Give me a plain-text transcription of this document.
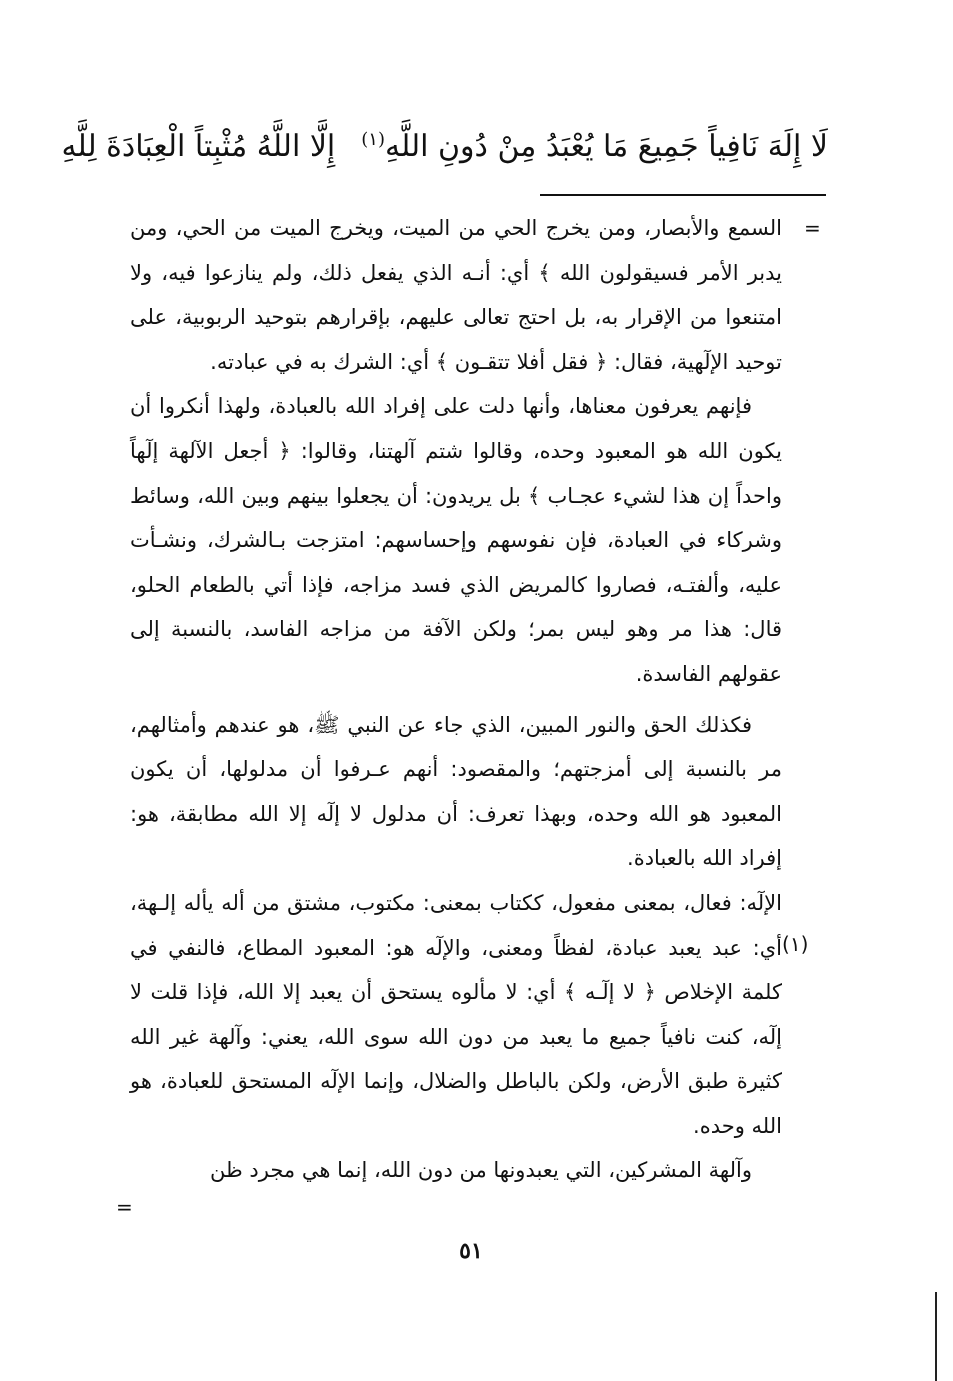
لَا إِلَهَ نَافِياً جَمِيعَ مَا يُعْبَدُ مِنْ دُونِ اللَّهِ$^{(١)}$إِلَّا اللَّهُ مُثْبِتاً الْعِبَادَةَ لِلَّهِ
=
(١)
=

السمع والأبصار، ومن يخرج الحي من الميت، ويخرج الميت من الحي، ومن يدبر الأمر فسيقولون الله ﴾ أي: أنـه الذي يفعل ذلك، ولم ينازعوا فيه، ولا امتنعوا من الإقرار به، بل احتج تعالى عليهم، بإقرارهم بتوحيد الربوبية، على توحيد الإلٓهية، فقال: ﴿ فقل أفلا تتقـون ﴾ أي: الشرك به في عبادته.

فإنهم يعرفون معناها، وأنها دلت على إفراد الله بالعبادة، ولهذا أنكروا أن يكون الله هو المعبود وحده، وقالوا شتم آلهتنا، وقالوا: ﴿ أجعل الآلهة إلٓهاً واحداً إن هذا لشيء عجـاب ﴾ بل يريدون: أن يجعلوا بينهم وبين الله، وسائط وشركاء في العبادة، فإن نفوسهم وإحساسهم: امتزجت بـالشرك، ونشـأت عليه، وألفتـه، فصاروا كالمريض الذي فسد مزاجه، فإذا أتي بالطعام الحلو، قال: هذا مر وهو ليس بمر؛ ولكن الآفة من مزاجه الفاسد، بالنسبة إلى عقولهم الفاسدة.

فكذلك الحق والنور المبين، الذي جاء عن النبي ﷺ، هو عندهم وأمثالهم، مر بالنسبة إلى أمزجتهم؛ والمقصود: أنهم عـرفوا أن مدلولها، أن يكون المعبود هو الله وحده، وبهذا تعرف: أن مدلول لا إلٓه إلا الله مطابقة، هو: إفراد الله بالعبادة.

الإلٓه: فعال، بمعنى مفعول، ككتاب بمعنى: مكتوب، مشتق من أله يأله إلـهة، أي: عبد يعبد عبادة، لفظاً ومعنى، والإلٓه هو: المعبود المطاع، فالنفي في كلمة الإخلاص ﴿ لا إلٓـه ﴾ أي: لا مألوه يستحق أن يعبد إلا الله، فإذا قلت لا إلٓه، كنت نافياً جميع ما يعبد من دون الله سوى الله، يعني: وآلهة غير الله كثيرة طبق الأرض، ولكن بالباطل والضلال، وإنما الإلٓه المستحق للعبادة، هو الله وحده.

وآلهة المشركين، التي يعبدونها من دون الله، إنما هي مجرد ظن

٥١
